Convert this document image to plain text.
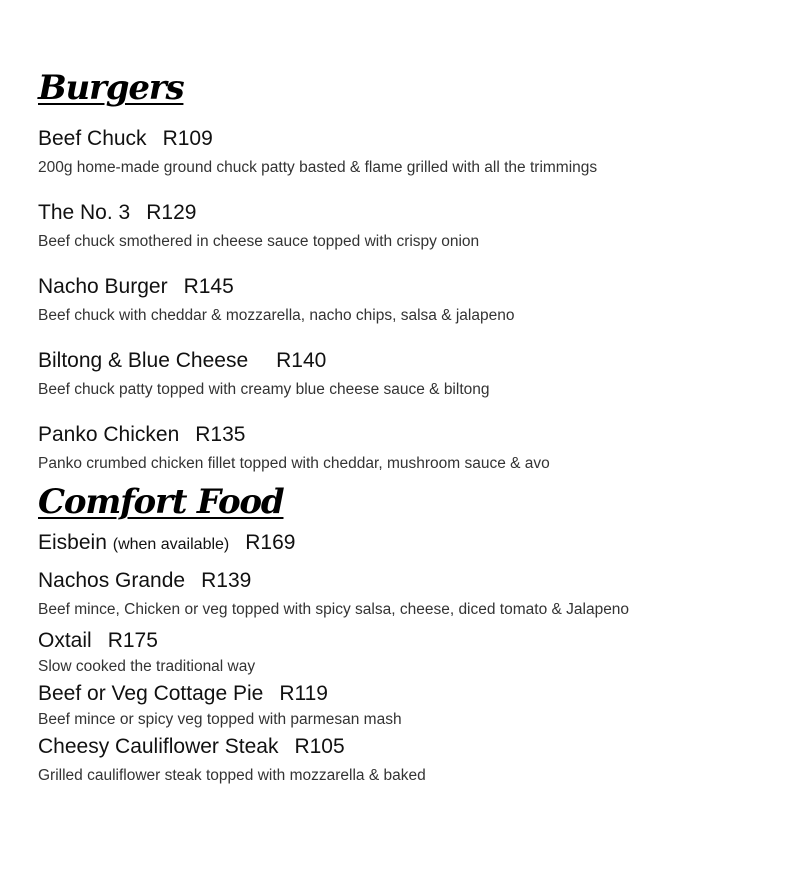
Burgers
Beef Chuck R109
200g home-made ground chuck patty basted & flame grilled with all the trimmings
The No. 3 R129
Beef chuck smothered in cheese sauce topped with crispy onion
Nacho Burger R145
Beef chuck with cheddar & mozzarella, nacho chips, salsa & jalapeno
Biltong & Blue Cheese R140
Beef chuck patty topped with creamy blue cheese sauce & biltong
Panko Chicken R135
Panko crumbed chicken fillet topped with cheddar, mushroom sauce & avo
Comfort Food
Eisbein (when available) R169
Nachos Grande R139
Beef mince, Chicken or veg topped with spicy salsa, cheese, diced tomato & Jalapeno
Oxtail R175
Slow cooked the traditional way
Beef or Veg Cottage Pie R119
Beef mince or spicy veg topped with parmesan mash
Cheesy Cauliflower Steak R105
Grilled cauliflower steak topped with mozzarella & baked
